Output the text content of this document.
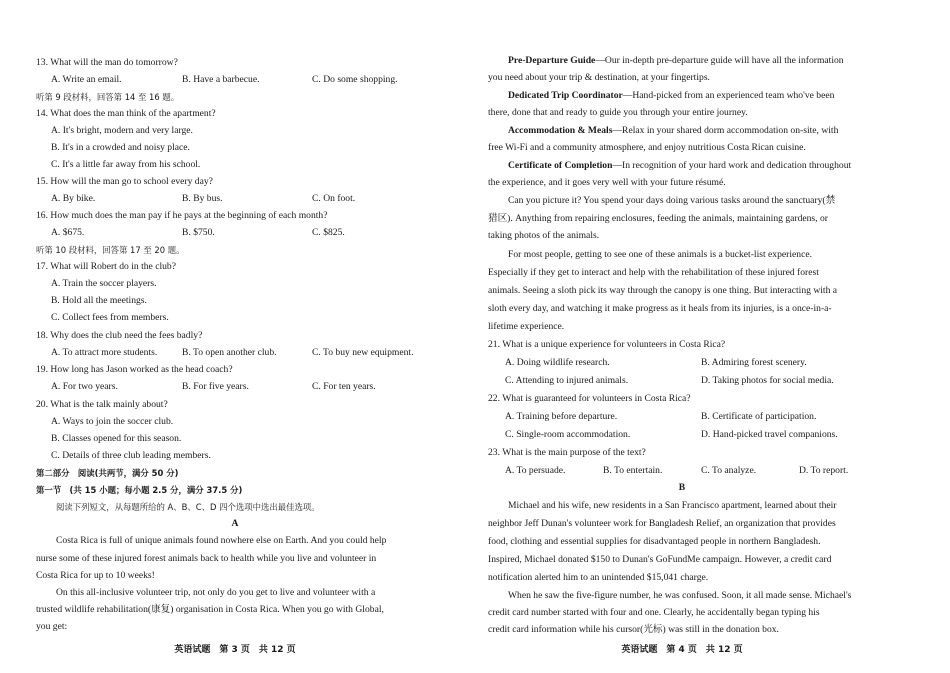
13. What will the man do tomorrow?
A. Write an email.	B. Have a barbecue.	C. Do some shopping.
听第 9 段材料，回答第 14 至 16 题。
14. What does the man think of the apartment?
A. It's bright, modern and very large.
B. It's in a crowded and noisy place.
C. It's a little far away from his school.
15. How will the man go to school every day?
A. By bike.	B. By bus.	C. On foot.
16. How much does the man pay if he pays at the beginning of each month?
A. $675.	B. $750.	C. $825.
听第 10 段材料，回答第 17 至 20 题。
17. What will Robert do in the club?
A. Train the soccer players.
B. Hold all the meetings.
C. Collect fees from members.
18. Why does the club need the fees badly?
A. To attract more students.	B. To open another club.	C. To buy new equipment.
19. How long has Jason worked as the head coach?
A. For two years.	B. For five years.	C. For ten years.
20. What is the talk mainly about?
A. Ways to join the soccer club.
B. Classes opened for this season.
C. Details of three club leading members.
第二部分　阅读(共两节，满分 50 分)
第一节　(共 15 小题；每小题 2.5 分，满分 37.5 分)
阅读下列短文，从每题所给的 A、B、C、D 四个选项中选出最佳选项。
A
Costa Rica is full of unique animals found nowhere else on Earth. And you could help
nurse some of these injured forest animals back to health while you live and volunteer in
Costa Rica for up to 10 weeks!
On this all-inclusive volunteer trip, not only do you get to live and volunteer with a
trusted wildlife rehabilitation(康复) organisation in Costa Rica. When you go with Global,
you get:
英语试题　第 3 页　共 12 页
Pre-Departure Guide—Our in-depth pre-departure guide will have all the information
you need about your trip & destination, at your fingertips.
Dedicated Trip Coordinator—Hand-picked from an experienced team who've been
there, done that and ready to guide you through your entire journey.
Accommodation & Meals—Relax in your shared dorm accommodation on-site, with
free Wi-Fi and a community atmosphere, and enjoy nutritious Costa Rican cuisine.
Certificate of Completion—In recognition of your hard work and dedication throughout
the experience, and it goes very well with your future résumé.
Can you picture it? You spend your days doing various tasks around the sanctuary(禁
猎区). Anything from repairing enclosures, feeding the animals, maintaining gardens, or
taking photos of the animals.
For most people, getting to see one of these animals is a bucket-list experience.
Especially if they get to interact and help with the rehabilitation of these injured forest
animals. Seeing a sloth pick its way through the canopy is one thing. But interacting with a
sloth every day, and watching it make progress as it heals from its injuries, is a once-in-a-
lifetime experience.
21. What is a unique experience for volunteers in Costa Rica?
A. Doing wildlife research.	B. Admiring forest scenery.
C. Attending to injured animals.	D. Taking photos for social media.
22. What is guaranteed for volunteers in Costa Rica?
A. Training before departure.	B. Certificate of participation.
C. Single-room accommodation.	D. Hand-picked travel companions.
23. What is the main purpose of the text?
A. To persuade.	B. To entertain.	C. To analyze.	D. To report.
B
Michael and his wife, new residents in a San Francisco apartment, learned about their
neighbor Jeff Dunan's volunteer work for Bangladesh Relief, an organization that provides
food, clothing and essential supplies for disadvantaged people in northern Bangladesh.
Inspired, Michael donated $150 to Dunan's GoFundMe campaign. However, a credit card
notification alerted him to an unintended $15,041 charge.
When he saw the five-figure number, he was confused. Soon, it all made sense. Michael's
credit card number started with four and one. Clearly, he accidentally began typing his
credit card information while his cursor(光标) was still in the donation box.
英语试题　第 4 页　共 12 页
